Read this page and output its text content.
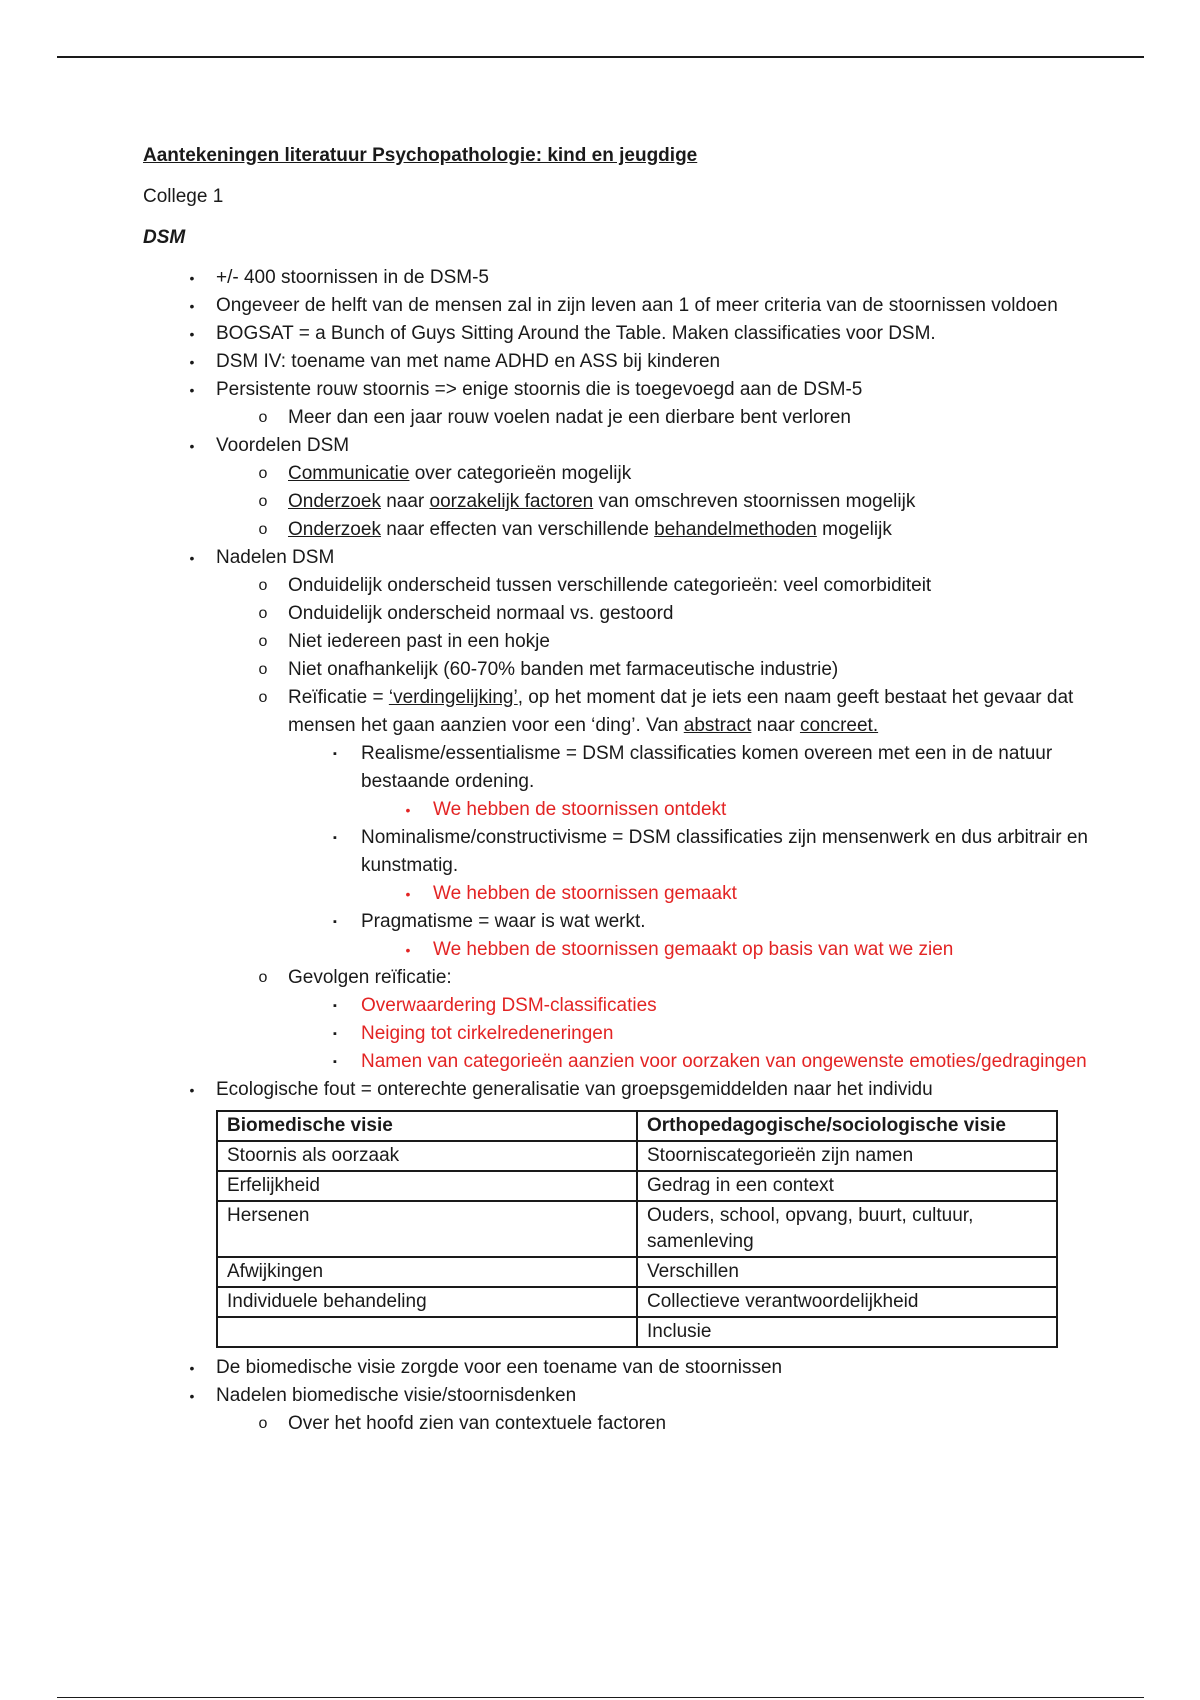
Aantekeningen literatuur Psychopathologie: kind en jeugdige
College 1
DSM
•	+/- 400 stoornissen in de DSM-5
•	Ongeveer de helft van de mensen zal in zijn leven aan 1 of meer criteria van de stoornissen voldoen
•	BOGSAT = a Bunch of Guys Sitting Around the Table. Maken classificaties voor DSM.
•	DSM IV: toename van met name ADHD en ASS bij kinderen
•	Persistente rouw stoornis => enige stoornis die is toegevoegd aan de DSM-5
o Meer dan een jaar rouw voelen nadat je een dierbare bent verloren
•	Voordelen DSM
o Communicatie over categorieën mogelijk
o Onderzoek naar oorzakelijk factoren van omschreven stoornissen mogelijk
o Onderzoek naar effecten van verschillende behandelmethoden mogelijk
•	Nadelen DSM
o Onduidelijk onderscheid tussen verschillende categorieën: veel comorbiditeit
o Onduidelijk onderscheid normaal vs. gestoord
o Niet iedereen past in een hokje
o Niet onafhankelijk (60-70% banden met farmaceutische industrie)
o Reïficatie = ‘verdingelijking’, op het moment dat je iets een naam geeft bestaat het gevaar dat mensen het gaan aanzien voor een ‘ding’. Van abstract naar concreet.
▪	Realisme/essentialisme = DSM classificaties komen overeen met een in de natuur bestaande ordening.
•	We hebben de stoornissen ontdekt
▪	Nominalisme/constructivisme = DSM classificaties zijn mensenwerk en dus arbitrair en kunstmatig.
•	We hebben de stoornissen gemaakt
▪	Pragmatisme = waar is wat werkt.
•	We hebben de stoornissen gemaakt op basis van wat we zien
o Gevolgen reïficatie:
▪	Overwaardering DSM-classificaties
▪	Neiging tot cirkelredeneringen
▪	Namen van categorieën aanzien voor oorzaken van ongewenste emoties/gedragingen
•	Ecologische fout = onterechte generalisatie van groepsgemiddelden naar het individu
Biomedische visie	Orthopedagogische/sociologische visie
Stoornis als oorzaak	Stoorniscategorieën zijn namen
Erfelijkheid	Gedrag in een context
Hersenen	Ouders, school, opvang, buurt, cultuur, samenleving
Afwijkingen	Verschillen
Individuele behandeling	Collectieve verantwoordelijkheid
	Inclusie
•	De biomedische visie zorgde voor een toename van de stoornissen
•	Nadelen biomedische visie/stoornisdenken
o Over het hoofd zien van contextuele factoren
